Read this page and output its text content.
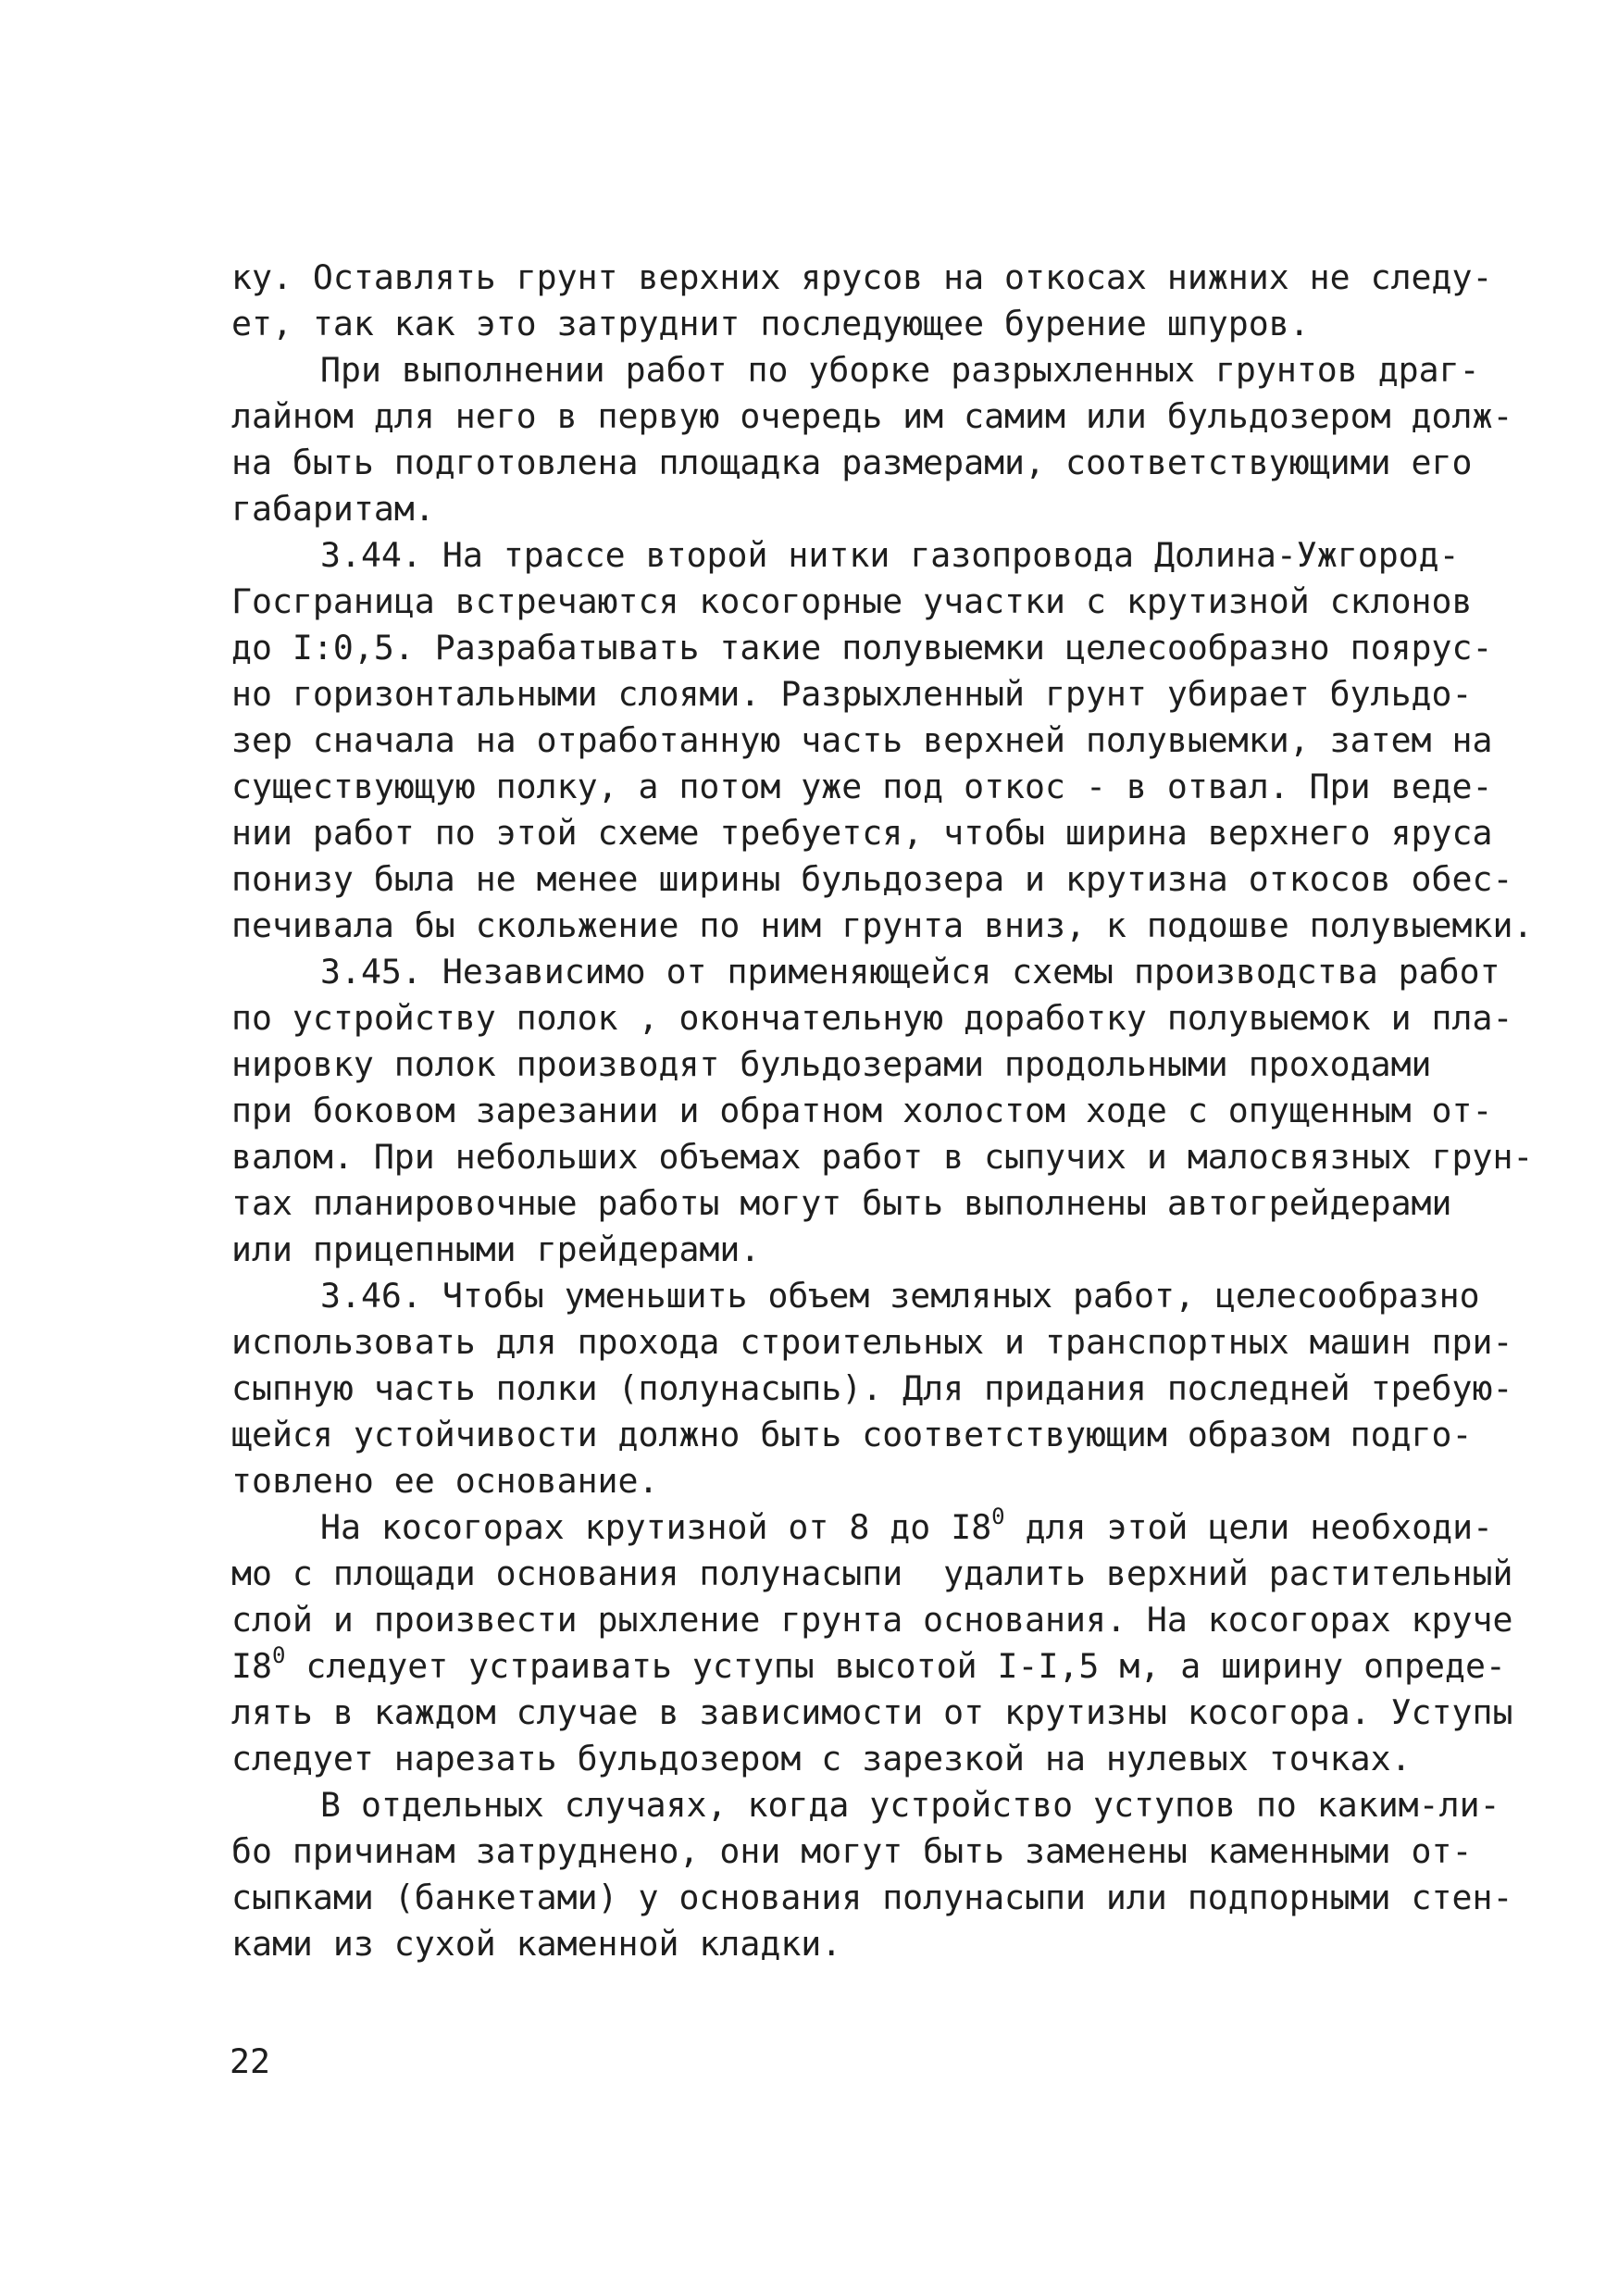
ку. Оставлять грунт верхних ярусов на откосах нижних не следу-
ет, так как это затруднит последующее бурение шпуров.
При выполнении работ по уборке разрыхленных грунтов драг-
лайном для него в первую очередь им самим или бульдозером долж-
на быть подготовлена площадка размерами, соответствующими его
габаритам.
3.44. На трассе второй нитки газопровода Долина-Ужгород-
Госграница встречаются косогорные участки с крутизной склонов
до I:0,5. Разрабатывать такие полувыемки целесообразно поярус-
но горизонтальными слоями. Разрыхленный грунт убирает бульдо-
зер сначала на отработанную часть верхней полувыемки, затем на
существующую полку, а потом уже под откос - в отвал. При веде-
нии работ по этой схеме требуется, чтобы ширина верхнего яруса
понизу была не менее ширины бульдозера и крутизна откосов обес-
печивала бы скольжение по ним грунта вниз, к подошве полувыемки.
3.45. Независимо от применяющейся схемы производства работ
по устройству полок , окончательную доработку полувыемок и пла-
нировку полок производят бульдозерами продольными проходами
при боковом зарезании и обратном холостом ходе с опущенным от-
валом. При небольших объемах работ в сыпучих и малосвязных грун-
тах планировочные работы могут быть выполнены автогрейдерами
или прицепными грейдерами.
3.46. Чтобы уменьшить объем земляных работ, целесообразно
использовать для прохода строительных и транспортных машин при-
сыпную часть полки (полунасыпь). Для придания последней требую-
щейся устойчивости должно быть соответствующим образом подго-
товлено ее основание.
На косогорах крутизной от 8 до $I8^0$ для этой цели необходи-
мо с площади основания полунасыпи  удалить верхний растительный
слой и произвести рыхление грунта основания. На косогорах круче
$I8^0$ следует устраивать уступы высотой I-I,5 м, а ширину опреде-
лять в каждом случае в зависимости от крутизны косогора. Уступы
следует нарезать бульдозером с зарезкой на нулевых точках.
В отдельных случаях, когда устройство уступов по каким-ли-
бо причинам затруднено, они могут быть заменены каменными от-
сыпками (банкетами) у основания полунасыпи или подпорными стен-
ками из сухой каменной кладки.
22
